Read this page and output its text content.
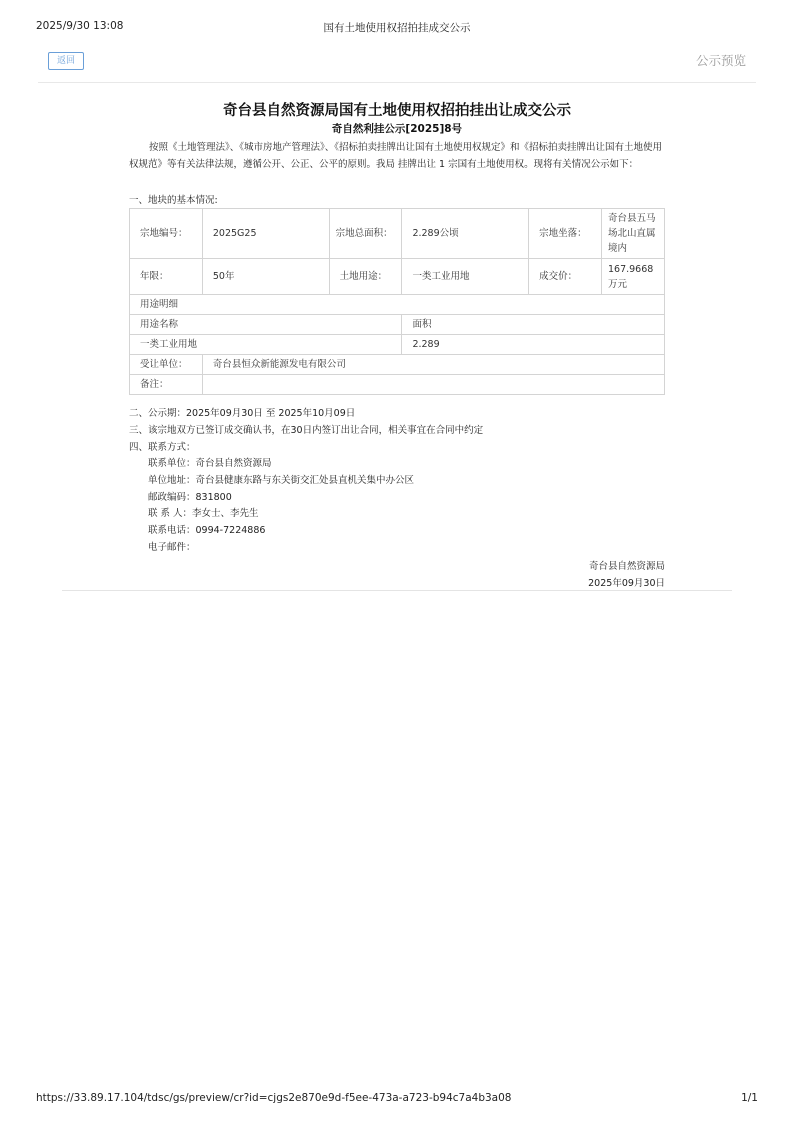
2025/9/30 13:08	国有土地使用权招拍挂成交公示
返回	公示预览
奇台县自然资源局国有土地使用权招拍挂出让成交公示
奇自然利挂公示[2025]8号

按照《土地管理法》、《城市房地产管理法》、《招标拍卖挂牌出让国有土地使用权规定》和《招标拍卖挂牌出让国有土地使用权规范》等有关法律法规，遵循公开、公正、公平的原则。我局 挂牌出让 1 宗国有土地使用权。现将有关情况公示如下：

一、地块的基本情况:
宗地编号：	2025G25	宗地总面积：	2.289公顷	宗地坐落：	奇台县五马场北山直属境内
年限：	50年	土地用途：	一类工业用地	成交价：	167.9668万元
用途明细					
用途名称			面积		
一类工业用地			2.289		
受让单位：	奇台县恒众新能源发电有限公司				
备注：					
二、公示期：2025年09月30日 至 2025年10月09日
三、该宗地双方已签订成交确认书，在30日内签订出让合同，相关事宜在合同中约定
四、联系方式：
联系单位：奇台县自然资源局
单位地址：奇台县健康东路与东关街交汇处县直机关集中办公区
邮政编码：831800
联 系 人：李女士、李先生
联系电话：0994-7224886
电子邮件：
奇台县自然资源局
2025年09月30日
https://33.89.17.104/tdsc/gs/preview/cr?id=cjgs2e870e9d-f5ee-473a-a723-b94c7a4b3a08	1/1
